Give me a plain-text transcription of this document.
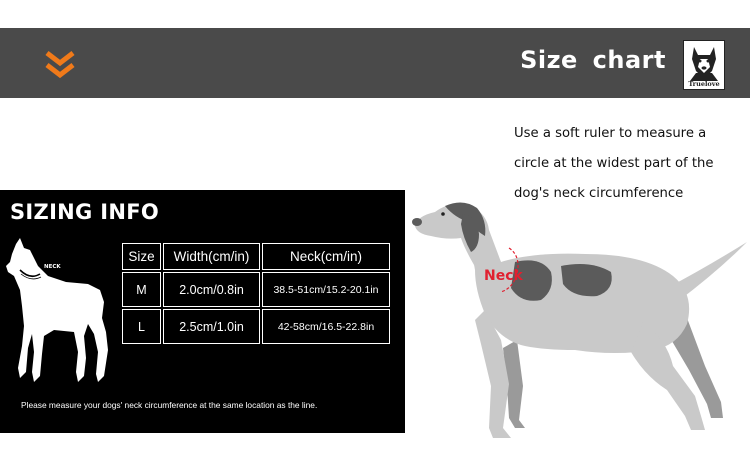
Size chart
Truelove

Use a soft ruler to measure a
circle at the widest part of the
dog's neck circumference

SIZING INFO
NECK
Size	Width(cm/in)	Neck(cm/in)
M	2.0cm/0.8in	38.5-51cm/15.2-20.1in
L	2.5cm/1.0in	42-58cm/16.5-22.8in
Please measure your dogs' neck circumference at the same location as the line.
Neck
